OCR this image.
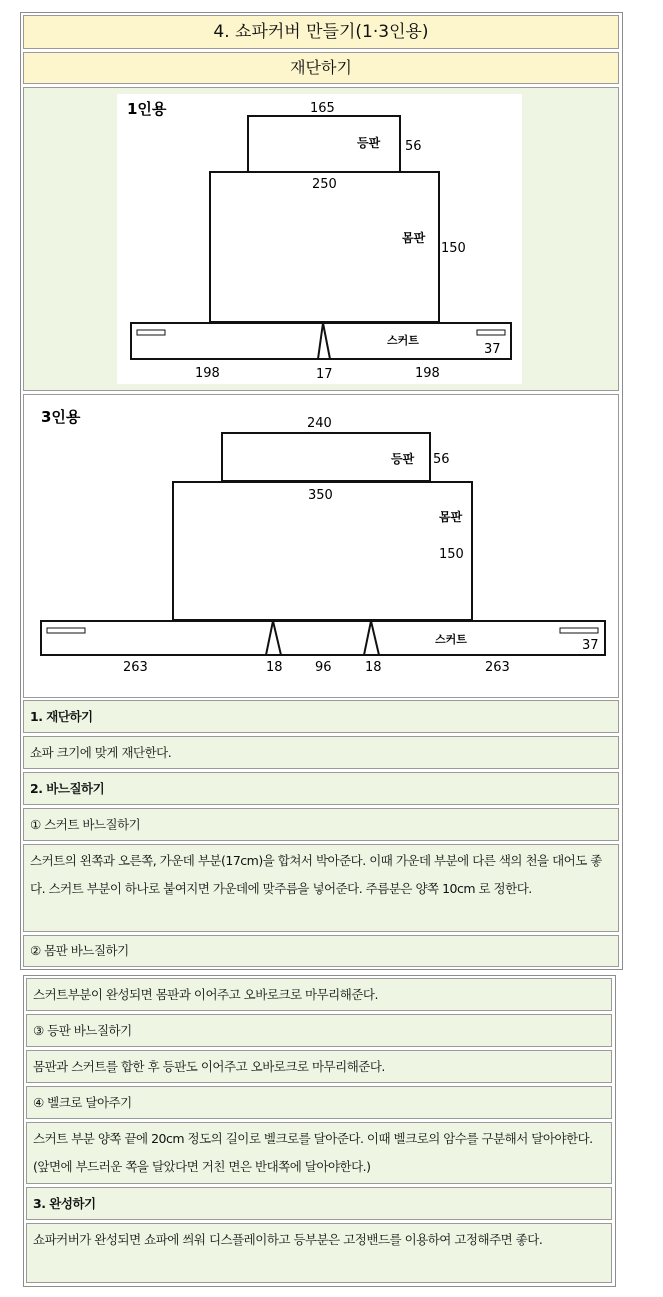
4. 쇼파커버 만들기(1·3인용)
재단하기
1인용	165
등판 56
250
몸판
150
스커트
37
198	17	198
3인용	240
등판 56
350
몸판
150
스커트	37
263	18 96	18	263
1. 재단하기
쇼파 크기에 맞게 재단한다.
2. 바느질하기
① 스커트 바느질하기
스커트의 왼쪽과 오른쪽, 가운데 부분(17cm)을 합쳐서 박아준다. 이때 가운데 부분에 다른 색의 천을 대어도 좋다. 스커트 부분이 하나로 붙여지면 가운데에 맞주름을 넣어준다. 주름분은 양쪽 10cm 로 정한다.
② 몸판 바느질하기
스커트부분이 완성되면 몸판과 이어주고 오바로크로 마무리해준다.
③ 등판 바느질하기
몸판과 스커트를 합한 후 등판도 이어주고 오바로크로 마무리해준다.
④ 벨크로 달아주기
스커트 부분 양쪽 끝에 20cm 정도의 길이로 벨크로를 달아준다. 이때 벨크로의 암수를 구분해서 달아야한다.(앞면에 부드러운 쪽을 달았다면 거친 면은 반대쪽에 달아야한다.)
3. 완성하기
쇼파커버가 완성되면 쇼파에 씌워 디스플레이하고 등부분은 고정밴드를 이용하여 고정해주면 좋다.
